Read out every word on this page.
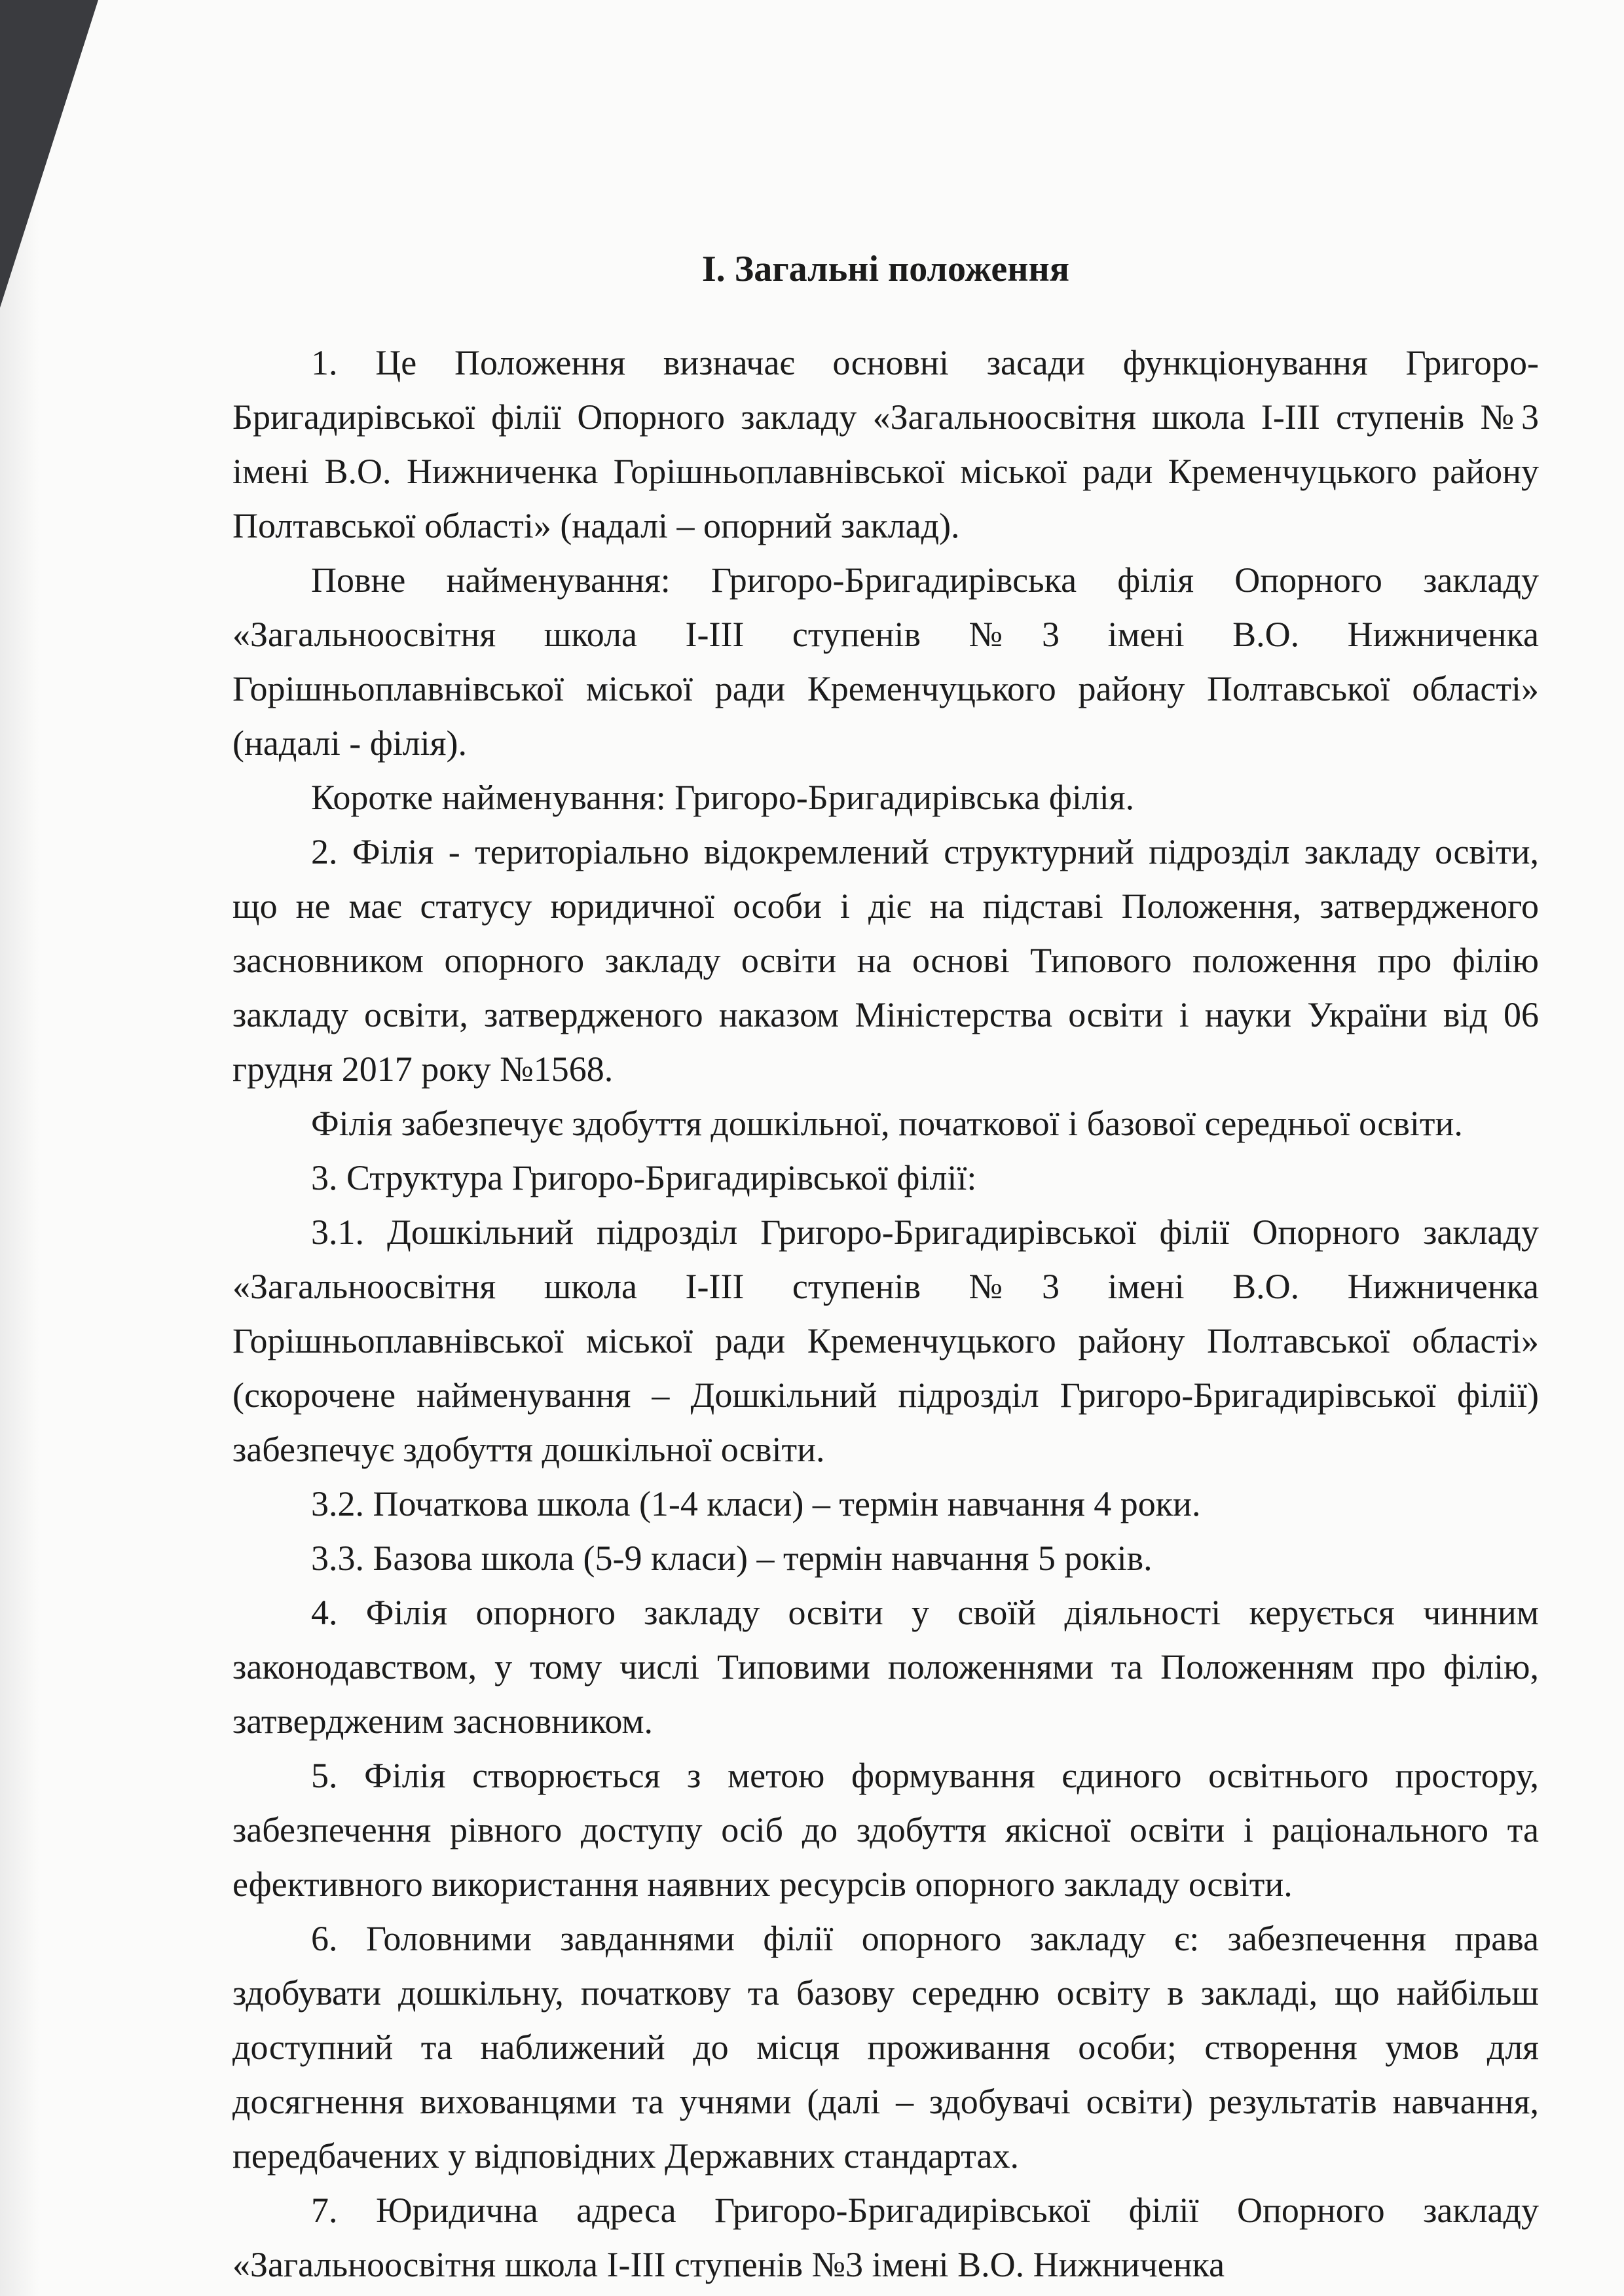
I. Загальні положення

1. Це Положення визначає основні засади функціонування Григоро-Бригадирівської філії Опорного закладу «Загальноосвітня школа I-III ступенів №3 імені В.О. Нижниченка Горішньоплавнівської міської ради Кременчуцького району Полтавської області» (надалі – опорний заклад).

Повне найменування: Григоро-Бригадирівська філія Опорного закладу «Загальноосвітня школа I-III ступенів №3 імені В.О. Нижниченка Горішньоплавнівської міської ради Кременчуцького району Полтавської області» (надалі - філія).

Коротке найменування: Григоро-Бригадирівська філія.

2. Філія - територіально відокремлений структурний підрозділ закладу освіти, що не має статусу юридичної особи і діє на підставі Положення, затвердженого засновником опорного закладу освіти на основі Типового положення про філію закладу освіти, затвердженого наказом Міністерства освіти і науки України від 06 грудня 2017 року №1568.

Філія забезпечує здобуття дошкільної, початкової і базової середньої освіти.

3. Структура Григоро-Бригадирівської філії:

3.1. Дошкільний підрозділ Григоро-Бригадирівської філії Опорного закладу «Загальноосвітня школа I-III ступенів №3 імені В.О. Нижниченка Горішньоплавнівської міської ради Кременчуцького району Полтавської області» (скорочене найменування – Дошкільний підрозділ Григоро-Бригадирівської філії) забезпечує здобуття дошкільної освіти.

3.2. Початкова школа (1-4 класи) – термін навчання 4 роки.

3.3. Базова школа (5-9 класи) – термін навчання 5 років.

4. Філія опорного закладу освіти у своїй діяльності керується чинним законодавством, у тому числі Типовими положеннями та Положенням про філію, затвердженим засновником.

5. Філія створюється з метою формування єдиного освітнього простору, забезпечення рівного доступу осіб до здобуття якісної освіти і раціонального та ефективного використання наявних ресурсів опорного закладу освіти.

6. Головними завданнями філії опорного закладу є: забезпечення права здобувати дошкільну, початкову та базову середню освіту в закладі, що найбільш доступний та наближений до місця проживання особи; створення умов для досягнення вихованцями та учнями (далі – здобувачі освіти) результатів навчання, передбачених у відповідних Державних стандартах.

7. Юридична адреса Григоро-Бригадирівської філії Опорного закладу «Загальноосвітня школа I-III ступенів №3 імені В.О. Нижниченка
